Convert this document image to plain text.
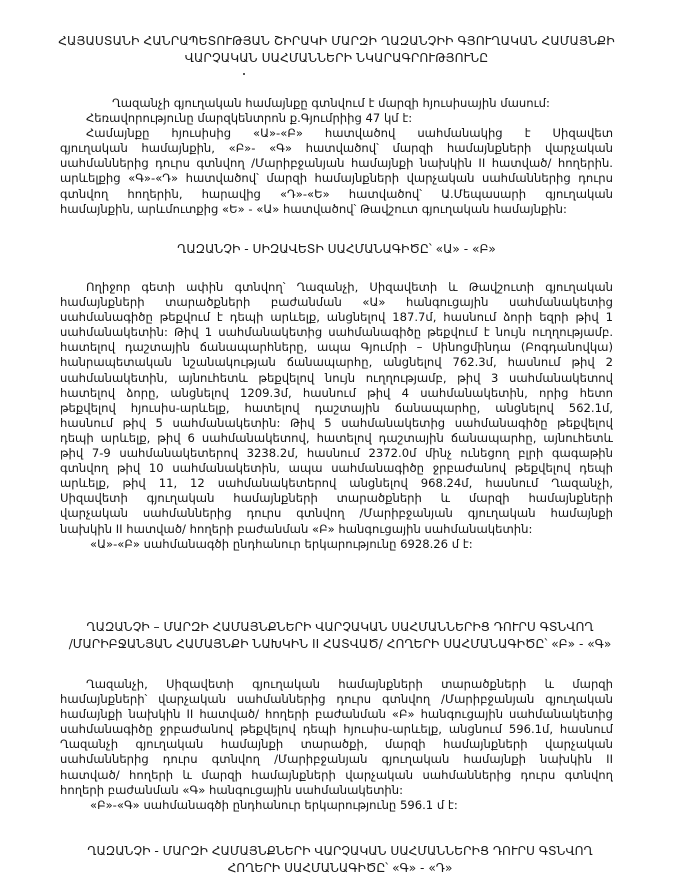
ՀԱՅԱՍՏԱՆԻ ՀԱՆՐԱՊԵՏՈՒԹՅԱՆ ՇԻՐԱԿԻ ՄԱՐԶԻ ՂԱԶԱՆՉԻԻ ԳՅՈՒՂԱԿԱՆ ՀԱՄԱՅՆՔԻ
ՎԱՐՉԱԿԱՆ ՍԱՀՄԱՆՆԵՐԻ ՆԿԱՐԱԳՐՈՒԹՅՈՒՆԸ
Ղազանչի գյուղական համայնքը գտնվում է մարզի հյուսիսային մասում:
Հեռավորությունը մարզկենտրոն ք.Գյումրիից 47 կմ է:
Համայնքը հյուսիսից «Ա»-«Բ» հատվածով սահմանակից է Սիզավետ
գյուղական համայնքին, «Բ»- «Գ» հատվածով՝ մարզի համայնքների վարչական
սահմաններից դուրս գտնվող /Մարիբջանյան համայնքի նախկին II հատված/ հողերին.
արևելքից «Գ»-«Դ» հատվածով՝ մարզի համայնքների վարչական սահմաններից դուրս
գտնվող հողերին, հարավից «Դ»-«Ե» հատվածով՝ Ա.Մեպասարի գյուղական
համայնքին, արևմուտքից «Ե» - «Ա» հատվածով՝ Թավշուտ գյուղական համայնքին:
ՂԱԶԱՆՉԻ - ՍԻԶԱՎԵՏԻ ՍԱՀՄԱՆԱԳԻԾԸ՝ «Ա» - «Բ»
Ողիջոր գետի ափին գտնվող՝ Ղազանչի, Սիզավետի և Թավշուտի գյուղական
համայնքների տարածքների բաժանման «Ա» հանգուցային սահմանակետից
սահմանագիծը թեքվում է դեպի արևելք, անցնելով 187.7մ, հասնում ձորի եզրի թիվ 1
սահմանակետին: Թիվ 1 սահմանակետից սահմանագիծը թեքվում է նույն ուղղությամբ.
հատելով դաշտային ճանապարհները, ապա Գյումրի – Սինոցմինդա (Բոգդանովկա)
հանրապետական նշանակության ճանապարհը, անցնելով 762.3մ, հասնում թիվ 2
սահմանակետին, այնուհետև թեքվելով նույն ուղղությամբ, թիվ 3 սահմանակետով
հատելով ձորը, անցնելով 1209.3մ, հասնում թիվ 4 սահմանակետին, որից հետո
թեքվելով հյուսիս-արևելք, հատելով դաշտային ճանապարհը, անցնելով 562.1մ,
հասնում թիվ 5 սահմանակետին: Թիվ 5 սահմանակետից սահմանագիծը թեքվելով
դեպի արևելք, թիվ 6 սահմանակետով, հատելով դաշտային ճանապարհը, այնուհետև
թիվ 7-9 սահմանակետերով 3238.2մ, հասնում 2372.0մ մինչ ունեցող բլրի գագաթին
գտնվող թիվ 10 սահմանակետին, ապա սահմանագիծը ջրբաժանով թեքվելով դեպի
արևելք, թիվ 11, 12 սահմանակետերով անցնելով 968.24մ, հասնում Ղազանչի,
Սիզավետի գյուղական համայնքների տարածքների և մարզի համայնքների
վարչական սահմաններից դուրս գտնվող /Մարիբջանյան գյուղական համայնքի
նախկին II հատված/ հողերի բաժանման «Բ» հանգուցային սահմանակետին:
«Ա»-«Բ» սահմանագծի ընդհանուր երկարությունը 6928.26 մ է:
ՂԱԶԱՆՉԻ – ՄԱՐԶԻ ՀԱՄԱՅՆՔՆԵՐԻ ՎԱՐՉԱԿԱՆ ՍԱՀՄԱՆՆԵՐԻՑ ԴՈՒՐՍ ԳՏՆՎՈՂ
/ՄԱՐԻԲՋԱՆՅԱՆ ՀԱՄԱՅՆՔԻ ՆԱԽԿԻՆ II ՀԱՏՎԱԾ/ ՀՈՂԵՐԻ ՍԱՀՄԱՆԱԳԻԾԸ՝ «Բ» - «Գ»
Ղազանչի, Սիզավետի գյուղական համայնքների տարածքների և մարզի
համայնքների՝ վարչական սահմաններից դուրս գտնվող /Մարիբջանյան գյուղական
համայնքի նախկին II հատված/ հողերի բաժանման «Բ» հանգուցային սահմանակետից
սահմանագիծը ջրբաժանով թեքվելով դեպի հյուսիս-արևելք, անցնում 596.1մ, հասնում
Ղազանչի գյուղական համայնքի տարածքի, մարզի համայնքների վարչական
սահմաններից դուրս գտնվող /Մարիբջանյան գյուղական համայնքի նախկին II
հատված/ հողերի և մարզի համայնքների վարչական սահմաններից դուրս գտնվող
հողերի բաժանման «Գ» հանգուցային սահմանակետին:
«Բ»-«Գ» սահմանագծի ընդհանուր երկարությունը 596.1 մ է:
ՂԱԶԱՆՉԻ - ՄԱՐԶԻ ՀԱՄԱՅՆՔՆԵՐԻ ՎԱՐՉԱԿԱՆ ՍԱՀՄԱՆՆԵՐԻՑ ԴՈՒՐՍ ԳՏՆՎՈՂ
ՀՈՂԵՐԻ ՍԱՀՄԱՆԱԳԻԾԸ՝ «Գ» - «Դ»
